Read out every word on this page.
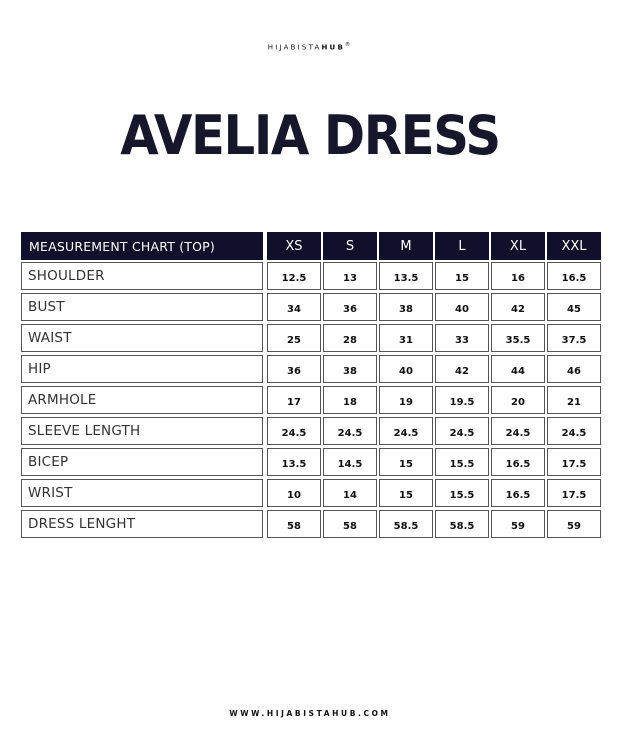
HIJABISTAHUB®
AVELIA DRESS
MEASUREMENT CHART (TOP)	XS	S	M	L	XL	XXL
SHOULDER	12.5	13	13.5	15	16	16.5
BUST	34	36	38	40	42	45
WAIST	25	28	31	33	35.5	37.5
HIP	36	38	40	42	44	46
ARMHOLE	17	18	19	19.5	20	21
SLEEVE LENGTH	24.5	24.5	24.5	24.5	24.5	24.5
BICEP	13.5	14.5	15	15.5	16.5	17.5
WRIST	10	14	15	15.5	16.5	17.5
DRESS LENGHT	58	58	58.5	58.5	59	59
WWW.HIJABISTAHUB.COM
